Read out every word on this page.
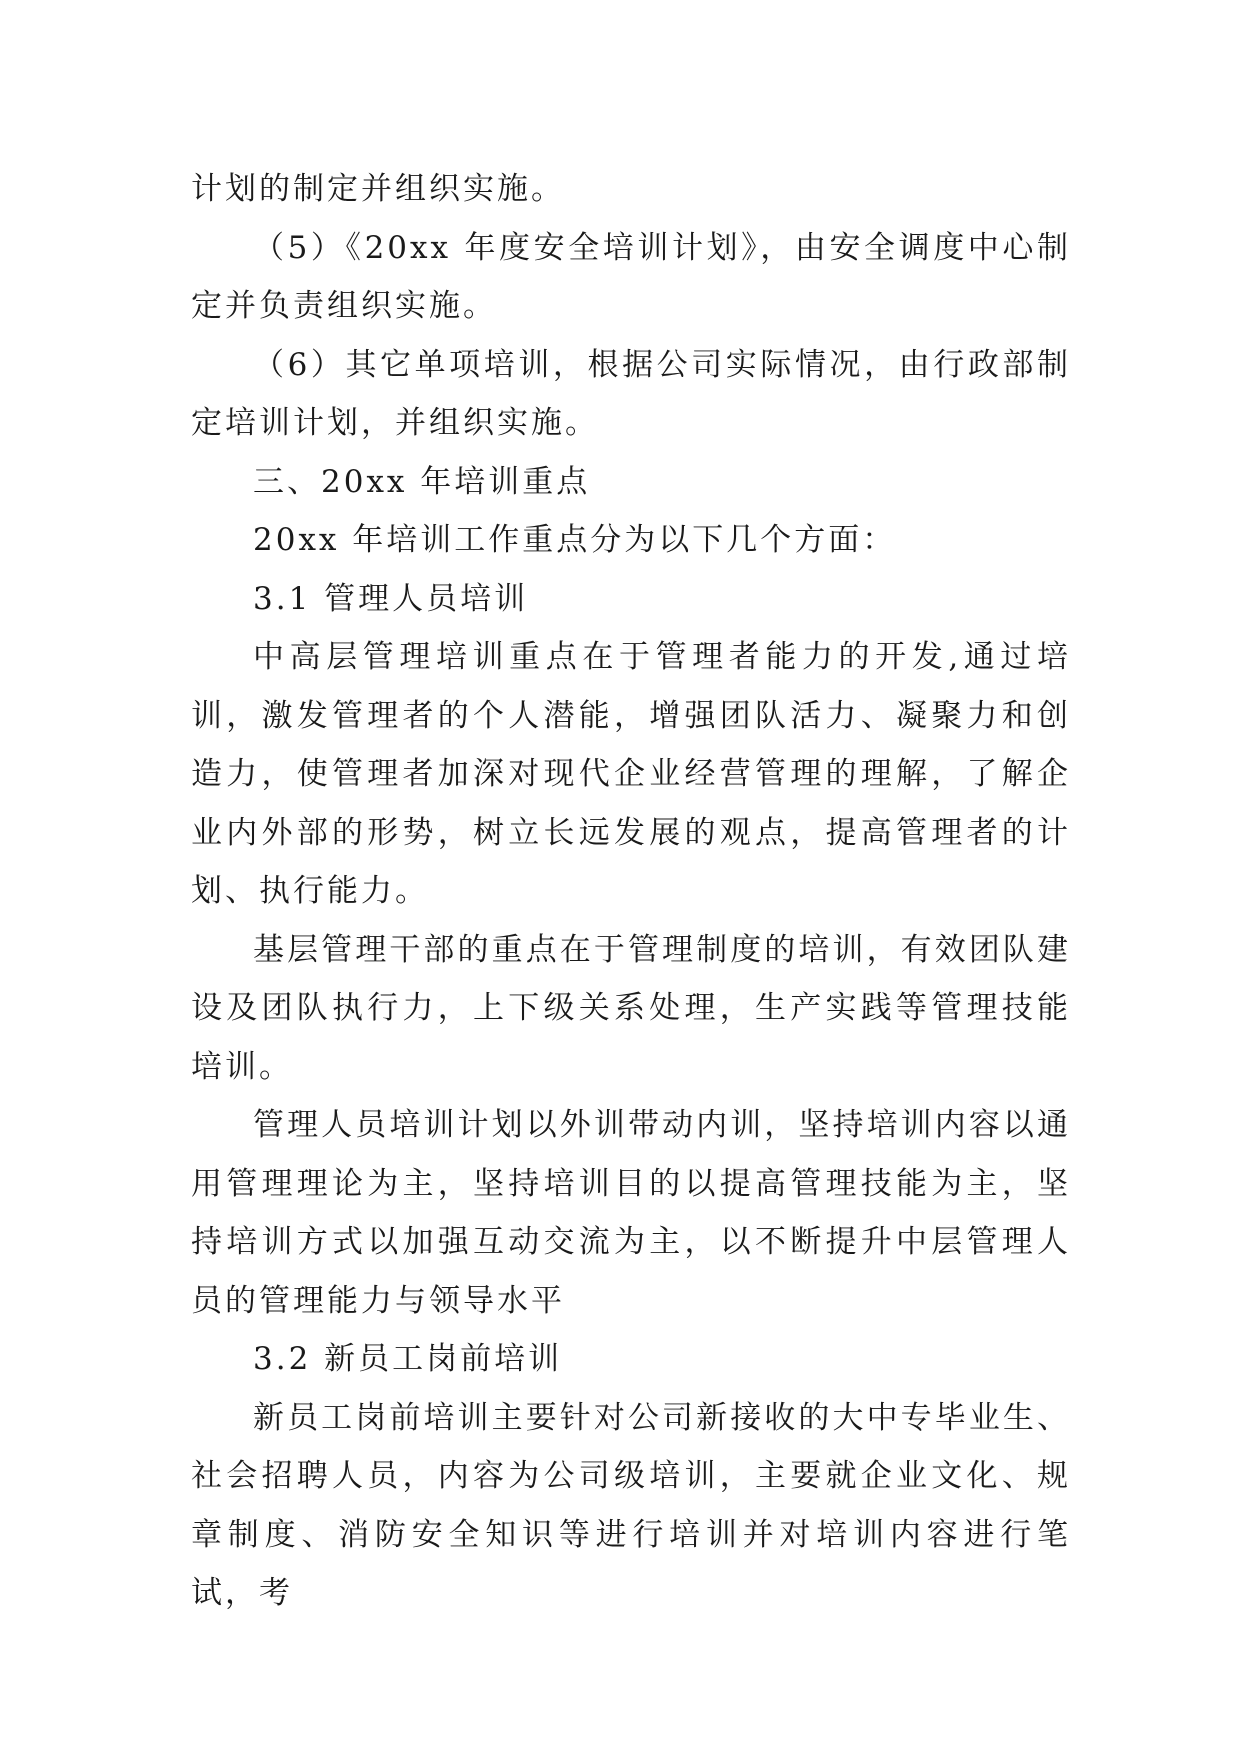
计划的制定并组织实施。

（5）《20xx 年度安全培训计划》，由安全调度中心制定并负责组织实施。

（6）其它单项培训，根据公司实际情况，由行政部制定培训计划，并组织实施。

三、20xx 年培训重点

20xx 年培训工作重点分为以下几个方面：

3.1 管理人员培训

中高层管理培训重点在于管理者能力的开发,通过培训，激发管理者的个人潜能，增强团队活力、凝聚力和创造力，使管理者加深对现代企业经营管理的理解，了解企业内外部的形势，树立长远发展的观点，提高管理者的计划、执行能力。

基层管理干部的重点在于管理制度的培训，有效团队建设及团队执行力，上下级关系处理，生产实践等管理技能培训。

管理人员培训计划以外训带动内训，坚持培训内容以通用管理理论为主，坚持培训目的以提高管理技能为主，坚持培训方式以加强互动交流为主，以不断提升中层管理人员的管理能力与领导水平

3.2 新员工岗前培训

新员工岗前培训主要针对公司新接收的大中专毕业生、社会招聘人员，内容为公司级培训，主要就企业文化、规章制度、消防安全知识等进行培训并对培训内容进行笔试，考
